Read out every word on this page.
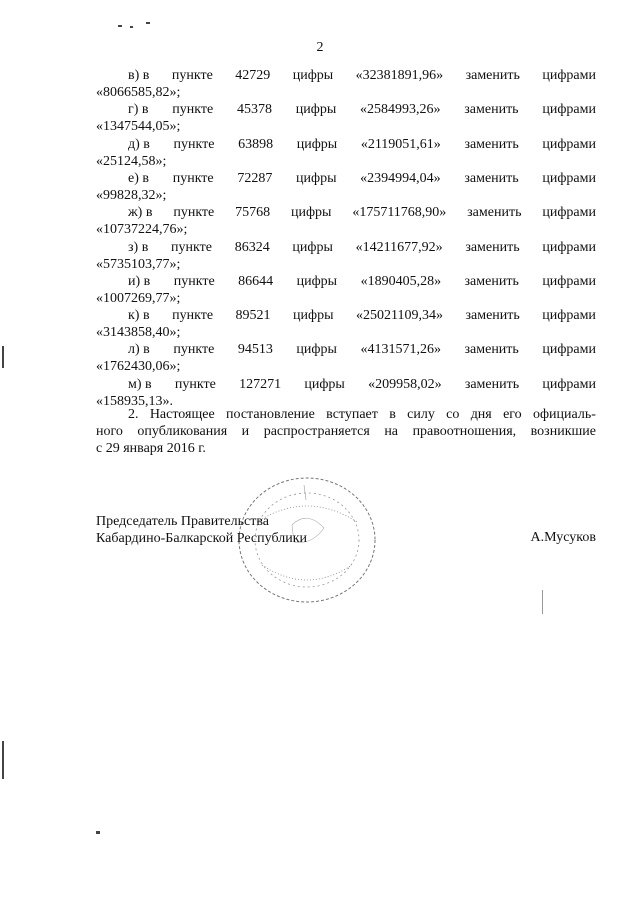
2
в) в пункте 42729 цифры «32381891,96» заменить цифрами
«8066585,82»;
г) в пункте 45378 цифры «2584993,26» заменить цифрами
«1347544,05»;
д) в пункте 63898 цифры «2119051,61» заменить цифрами
«25124,58»;
е) в пункте 72287 цифры «2394994,04» заменить цифрами
«99828,32»;
ж) в пункте 75768 цифры «175711768,90» заменить цифрами
«10737224,76»;
з) в пункте 86324 цифры «14211677,92» заменить цифрами
«5735103,77»;
и) в пункте 86644 цифры «1890405,28» заменить цифрами
«1007269,77»;
к) в пункте 89521 цифры «25021109,34» заменить цифрами
«3143858,40»;
л) в пункте 94513 цифры «4131571,26» заменить цифрами
«1762430,06»;
м) в пункте 127271 цифры «209958,02» заменить цифрами
«158935,13».
2. Настоящее постановление вступает в силу со дня его официаль-
ного опубликования и распространяется на правоотношения, возникшие
с 29 января 2016 г.
Председатель Правительства
Кабардино-Балкарской Республики	А.Мусуков
